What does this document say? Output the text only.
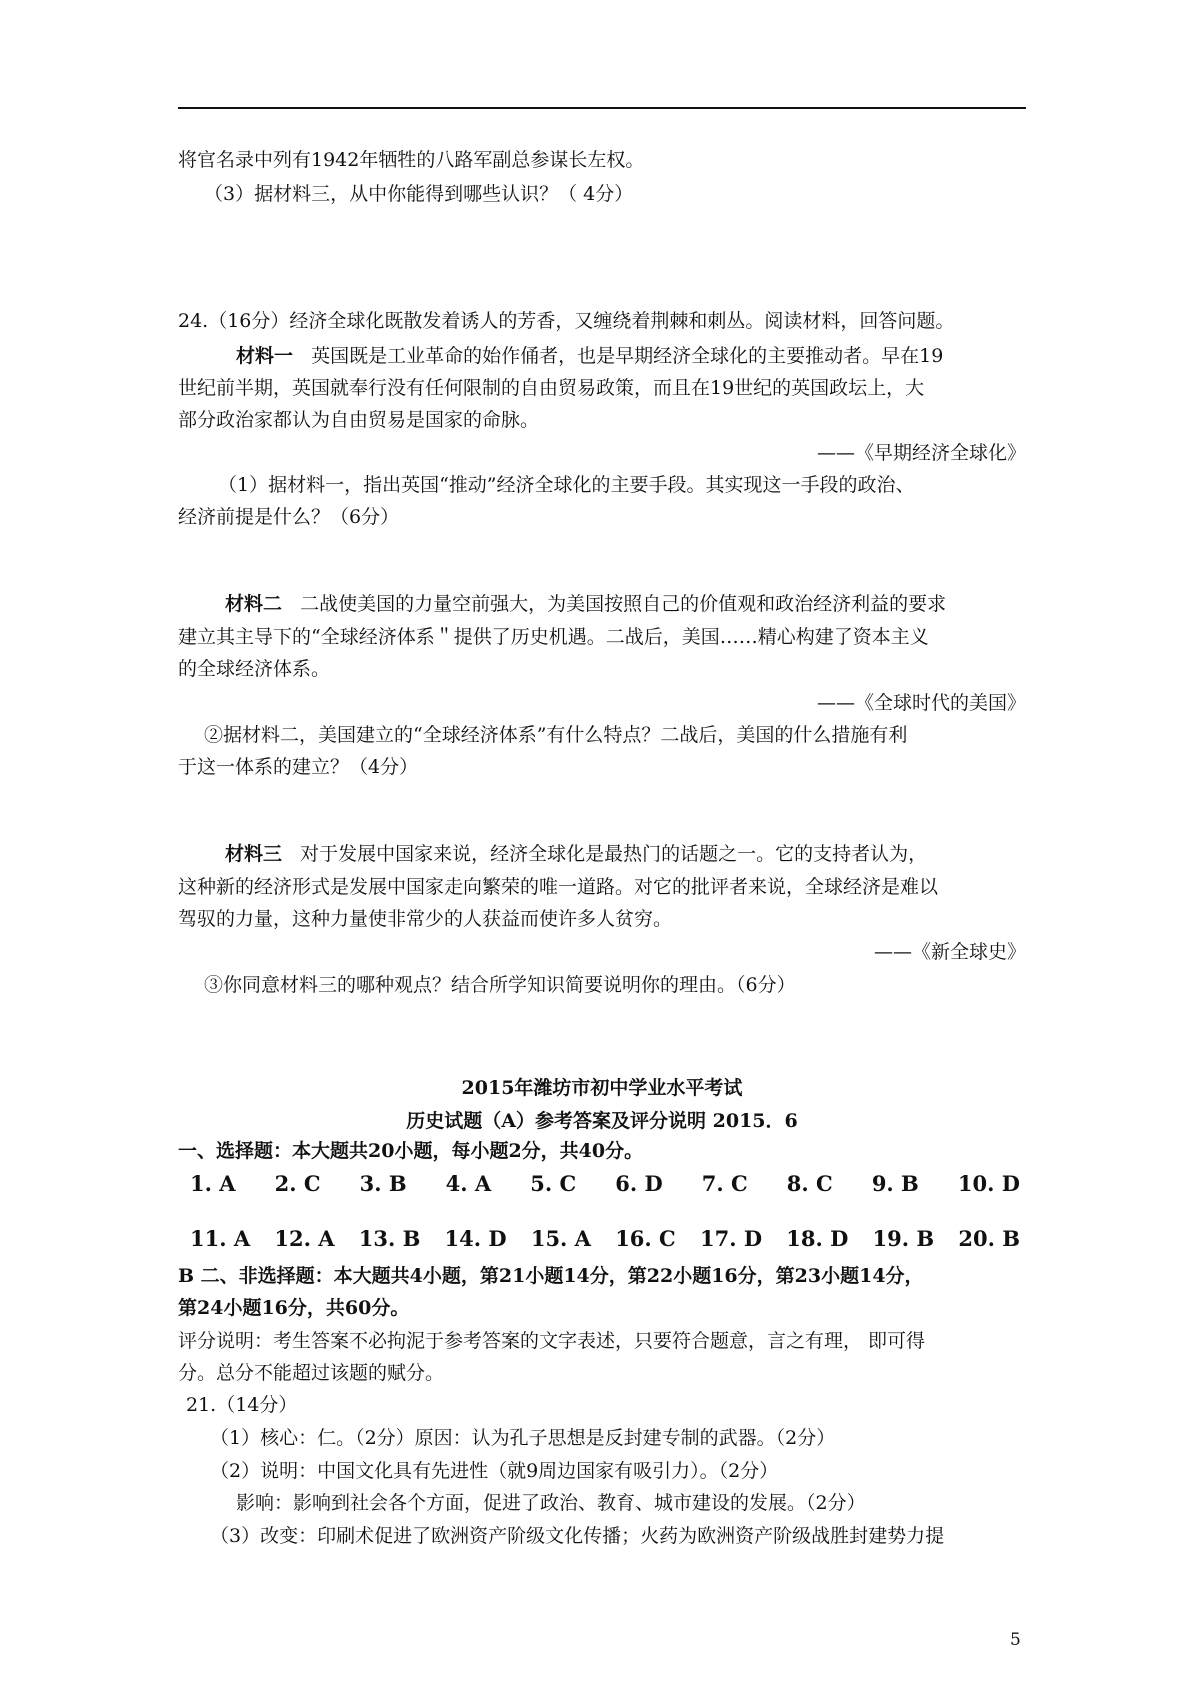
将官名录中列有1942年牺牲的八路军副总参谋长左权。
（3）据材料三，从中你能得到哪些认识？（ 4分）
24.（16分）经济全球化既散发着诱人的芳香，又缠绕着荆棘和刺丛。阅读材料，回答问题。
材料一 英国既是工业革命的始作俑者，也是早期经济全球化的主要推动者。早在19
世纪前半期，英国就奉行没有任何限制的自由贸易政策，而且在19世纪的英国政坛上，大
部分政治家都认为自由贸易是国家的命脉。
——《早期经济全球化》
（1）据材料一，指出英国“推动”经济全球化的主要手段。其实现这一手段的政治、
经济前提是什么？（6分）
材料二 二战使美国的力量空前强大，为美国按照自己的价值观和政治经济利益的要求
建立其主导下的“全球经济体系＂提供了历史机遇。二战后，美国……精心构建了资本主义
的全球经济体系。
——《全球时代的美国》
②据材料二，美国建立的“全球经济体系”有什么特点？二战后，美国的什么措施有利
于这一体系的建立？（4分）
材料三 对于发展中国家来说，经济全球化是最热门的话题之一。它的支持者认为，
这种新的经济形式是发展中国家走向繁荣的唯一道路。对它的批评者来说，全球经济是难以
驾驭的力量，这种力量使非常少的人获益而使许多人贫穷。
——《新全球史》
③你同意材料三的哪种观点？结合所学知识简要说明你的理由。（6分）
2015年潍坊市初中学业水平考试
历史试题（A）参考答案及评分说明 2015．6
一、选择题：本大题共20小题，每小题2分，共40分。
1. A 2. C 3. B 4. A 5. C 6. D 7. C 8. C 9. B 10. D
11. A 12. A 13. B 14. D 15. A 16. C 17. D 18. D 19. B 20. B
B 二、非选择题：本大题共4小题，第21小题14分，第22小题16分，第23小题14分，
第24小题16分，共60分。
评分说明：考生答案不必拘泥于参考答案的文字表述，只要符合题意，言之有理， 即可得
分。总分不能超过该题的赋分。
21.（14分）
（1）核心：仁。（2分）原因：认为孔子思想是反封建专制的武器。（2分）
（2）说明：中国文化具有先进性（就9周边国家有吸引力）。（2分）
影响：影响到社会各个方面，促进了政治、教育、城市建设的发展。（2分）
（3）改变：印刷术促进了欧洲资产阶级文化传播；火药为欧洲资产阶级战胜封建势力提
5
